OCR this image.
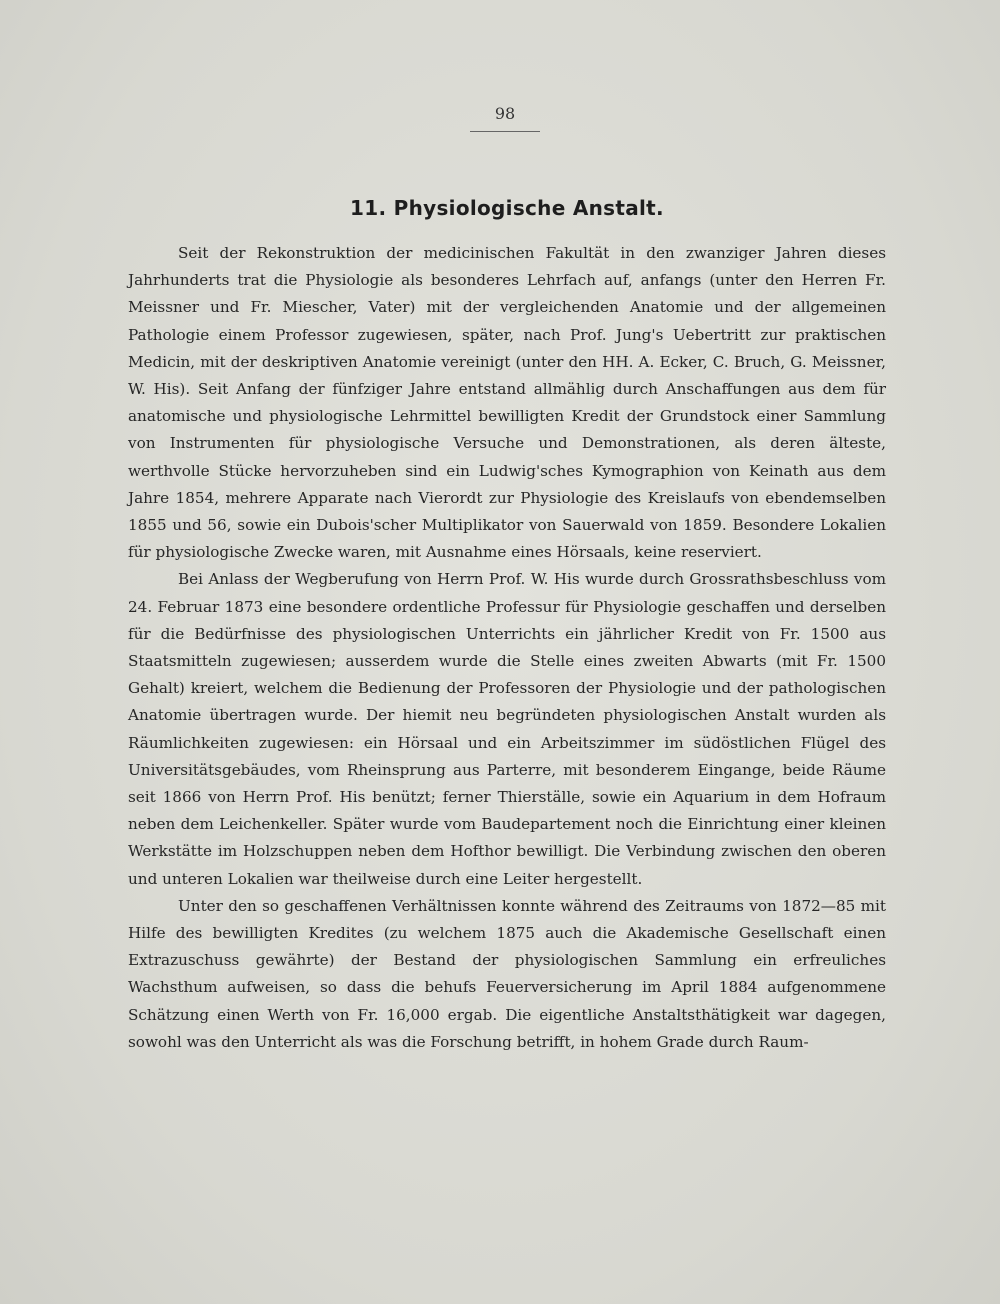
98
11. Physiologische Anstalt.

Seit der Rekonstruktion der medicinischen Fakultät in den zwanziger Jahren dieses Jahrhunderts trat die Physiologie als besonderes Lehrfach auf, anfangs (unter den Herren Fr. Meissner und Fr. Miescher, Vater) mit der vergleichenden Anatomie und der allgemeinen Pathologie einem Professor zugewiesen, später, nach Prof. Jung's Uebertritt zur praktischen Medicin, mit der deskriptiven Anatomie vereinigt (unter den HH. A. Ecker, C. Bruch, G. Meissner, W. His). Seit Anfang der fünfziger Jahre entstand allmählig durch Anschaffungen aus dem für anatomische und physiologische Lehrmittel bewilligten Kredit der Grundstock einer Sammlung von Instrumenten für physiologische Versuche und Demonstrationen, als deren älteste, werthvolle Stücke hervorzuheben sind ein Ludwig'sches Kymographion von Keinath aus dem Jahre 1854, mehrere Apparate nach Vierordt zur Physiologie des Kreislaufs von ebendemselben 1855 und 56, sowie ein Dubois'scher Multiplikator von Sauerwald von 1859. Besondere Lokalien für physiologische Zwecke waren, mit Ausnahme eines Hörsaals, keine reserviert.

Bei Anlass der Wegberufung von Herrn Prof. W. His wurde durch Grossrathsbeschluss vom 24. Februar 1873 eine besondere ordentliche Professur für Physiologie geschaffen und derselben für die Bedürfnisse des physiologischen Unterrichts ein jährlicher Kredit von Fr. 1500 aus Staatsmitteln zugewiesen; ausserdem wurde die Stelle eines zweiten Abwarts (mit Fr. 1500 Gehalt) kreiert, welchem die Bedienung der Professoren der Physiologie und der pathologischen Anatomie übertragen wurde. Der hiemit neu begründeten physiologischen Anstalt wurden als Räumlichkeiten zugewiesen: ein Hörsaal und ein Arbeitszimmer im südöstlichen Flügel des Universitätsgebäudes, vom Rheinsprung aus Parterre, mit besonderem Eingange, beide Räume seit 1866 von Herrn Prof. His benützt; ferner Thierställe, sowie ein Aquarium in dem Hofraum neben dem Leichenkeller. Später wurde vom Baudepartement noch die Einrichtung einer kleinen Werkstätte im Holzschuppen neben dem Hofthor bewilligt. Die Verbindung zwischen den oberen und unteren Lokalien war theilweise durch eine Leiter hergestellt.

Unter den so geschaffenen Verhältnissen konnte während des Zeitraums von 1872—85 mit Hilfe des bewilligten Kredites (zu welchem 1875 auch die Akademische Gesellschaft einen Extrazuschuss gewährte) der Bestand der physiologischen Sammlung ein erfreuliches Wachsthum aufweisen, so dass die behufs Feuerversicherung im April 1884 aufgenommene Schätzung einen Werth von Fr. 16,000 ergab. Die eigentliche Anstaltsthätigkeit war dagegen, sowohl was den Unterricht als was die Forschung betrifft, in hohem Grade durch Raum-
